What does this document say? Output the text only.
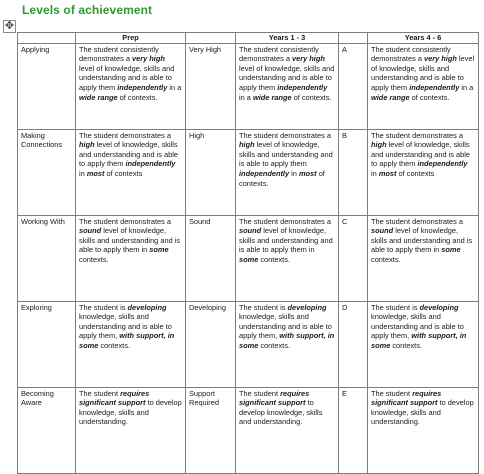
Levels of achievement
✥
	Prep		Years 1 - 3		Years 4 - 6
Applying	The student consistently demonstrates a very high level of knowledge, skills and understanding and is able to apply them independently in a wide range of contexts.	Very High	The student consistently demonstrates a very high level of knowledge, skills and understanding and is able to apply them independently in a wide range of contexts.	A	The student consistently demonstrates a very high level of knowledge, skills and understanding and is able to apply them independently in a wide range of contexts.
Making Connections	The student demonstrates a high level of knowledge, skills and understanding and is able to apply them independently in most of contexts	High	The student demonstrates a high level of knowledge, skills and understanding and is able to apply them independently in most of contexts.	B	The student demonstrates a high level of knowledge, skills and understanding and is able to apply them independently in most of contexts
Working With	The student demonstrates a sound level of knowledge, skills and understanding and is able to apply them in some contexts.	Sound	The student demonstrates a sound level of knowledge, skills and understanding and is able to apply them in some contexts.	C	The student demonstrates a sound level of knowledge, skills and understanding and is able to apply them in some contexts.
Exploring	The student is developing knowledge, skills and understanding and is able to apply them, with support, in some contexts.	Developing	The student is developing knowledge, skills and understanding and is able to apply them, with support, in some contexts.	D	The student is developing knowledge, skills and understanding and is able to apply them, with support, in some contexts.
Becoming Aware	The student requires significant support to develop knowledge, skills and understanding.	Support Required	The student requires significant support to develop knowledge, skills and understanding.	E	The student requires significant support to develop knowledge, skills and understanding.
